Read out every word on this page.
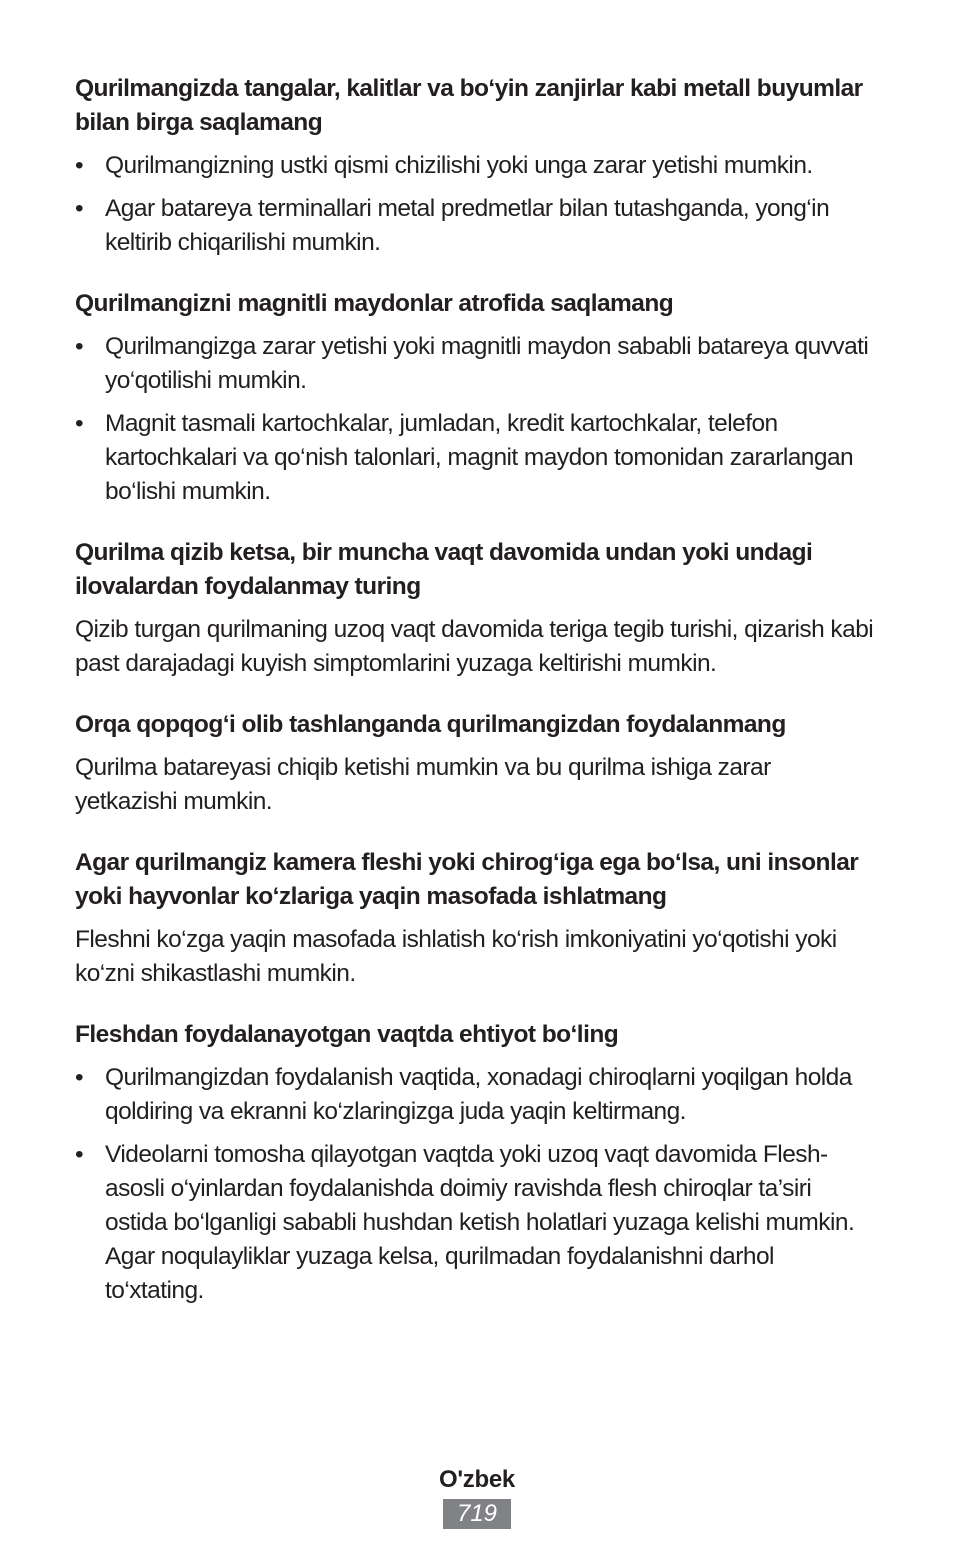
Qurilmangizda tangalar, kalitlar va bo‘yin zanjirlar kabi metall buyumlar bilan birga saqlamang
• Qurilmangizning ustki qismi chizilishi yoki unga zarar yetishi mumkin.
• Agar batareya terminallari metal predmetlar bilan tutashganda, yong‘in keltirib chiqarilishi mumkin.
Qurilmangizni magnitli maydonlar atrofida saqlamang
• Qurilmangizga zarar yetishi yoki magnitli maydon sababli batareya quvvati yo‘qotilishi mumkin.
• Magnit tasmali kartochkalar, jumladan, kredit kartochkalar, telefon kartochkalari va qo‘nish talonlari, magnit maydon tomonidan zararlangan bo‘lishi mumkin.
Qurilma qizib ketsa, bir muncha vaqt davomida undan yoki undagi ilovalardan foydalanmay turing

Qizib turgan qurilmaning uzoq vaqt davomida teriga tegib turishi, qizarish kabi past darajadagi kuyish simptomlarini yuzaga keltirishi mumkin.

Orqa qopqog‘i olib tashlanganda qurilmangizdan foydalanmang

Qurilma batareyasi chiqib ketishi mumkin va bu qurilma ishiga zarar yetkazishi mumkin.

Agar qurilmangiz kamera fleshi yoki chirog‘iga ega bo‘lsa, uni insonlar yoki hayvonlar ko‘zlariga yaqin masofada ishlatmang

Fleshni ko‘zga yaqin masofada ishlatish ko‘rish imkoniyatini yo‘qotishi yoki ko‘zni shikastlashi mumkin.

Fleshdan foydalanayotgan vaqtda ehtiyot bo‘ling
• Qurilmangizdan foydalanish vaqtida, xonadagi chiroqlarni yoqilgan holda qoldiring va ekranni ko‘zlaringizga juda yaqin keltirmang.
• Videolarni tomosha qilayotgan vaqtda yoki uzoq vaqt davomida Flesh-asosli o‘yinlardan foydalanishda doimiy ravishda flesh chiroqlar ta’siri ostida bo‘lganligi sababli hushdan ketish holatlari yuzaga kelishi mumkin. Agar noqulayliklar yuzaga kelsa, qurilmadan foydalanishni darhol to‘xtating.
O'zbek
719
